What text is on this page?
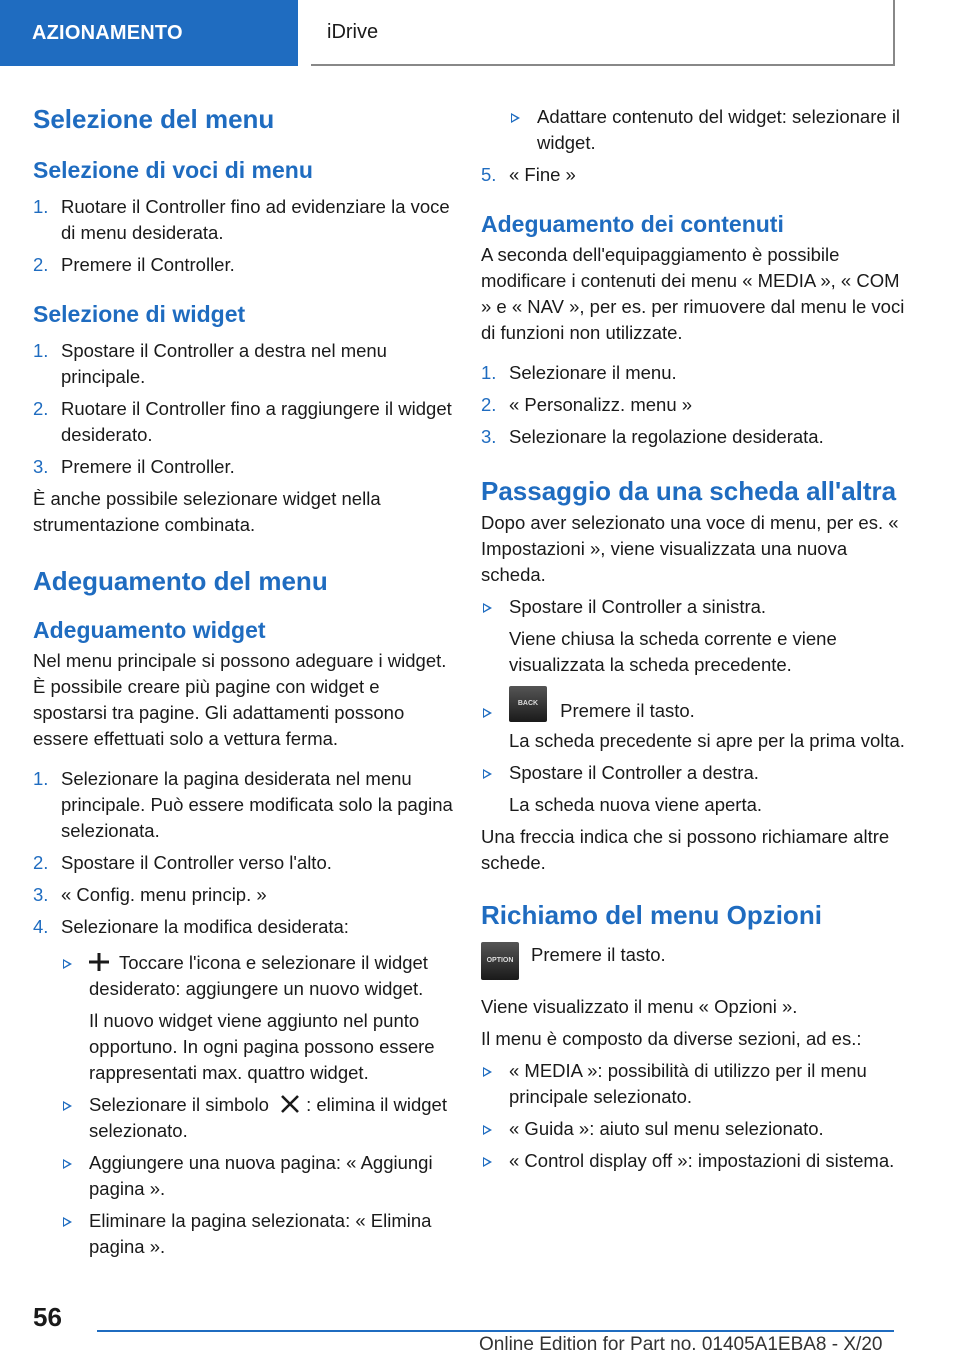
AZIONAMENTO	iDrive
Selezione del menu
Selezione di voci di menu
1. Ruotare il Controller fino ad evidenziare la voce di menu desiderata.
2. Premere il Controller.
Selezione di widget
1. Spostare il Controller a destra nel menu principale.
2. Ruotare il Controller fino a raggiungere il widget desiderato.
3. Premere il Controller.

È anche possibile selezionare widget nella strumentazione combinata.

Adeguamento del menu
Adeguamento widget

Nel menu principale si possono adeguare i widget. È possibile creare più pagine con widget e spostarsi tra pagine. Gli adattamenti possono essere effettuati solo a vettura ferma.

1. Selezionare la pagina desiderata nel menu principale. Può essere modificata solo la pagina selezionata.
2. Spostare il Controller verso l'alto.
3. « Config. menu princip. »
4. Selezionare la modifica desiderata:
Toccare l'icona e selezionare il widget desiderato: aggiungere un nuovo widget.

Il nuovo widget viene aggiunto nel punto opportuno. In ogni pagina possono essere rappresentati max. quattro widget.

Selezionare il simbolo : elimina il widget selezionato.
Aggiungere una nuova pagina: « Aggiungi pagina ».
Eliminare la pagina selezionata: « Elimina pagina ».
Adattare contenuto del widget: selezionare il widget.
5. « Fine »
Adeguamento dei contenuti

A seconda dell'equipaggiamento è possibile modificare i contenuti dei menu « MEDIA », « COM » e « NAV », per es. per rimuovere dal menu le voci di funzioni non utilizzate.

1. Selezionare il menu.
2. « Personalizz. menu »
3. Selezionare la regolazione desiderata.
Passaggio da una scheda all'altra

Dopo aver selezionato una voce di menu, per es. « Impostazioni », viene visualizzata una nuova scheda.

Spostare il Controller a sinistra.

Viene chiusa la scheda corrente e viene visualizzata la scheda precedente.

BACK Premere il tasto.

La scheda precedente si apre per la prima volta.

Spostare il Controller a destra.

La scheda nuova viene aperta.

Una freccia indica che si possono richiamare altre schede.

Richiamo del menu Opzioni
OPTION Premere il tasto.

Viene visualizzato il menu « Opzioni ».

Il menu è composto da diverse sezioni, ad es.:

« MEDIA »: possibilità di utilizzo per il menu principale selezionato.
« Guida »: aiuto sul menu selezionato.
« Control display off »: impostazioni di sistema.
56
Online Edition for Part no. 01405A1EBA8 - X/20
